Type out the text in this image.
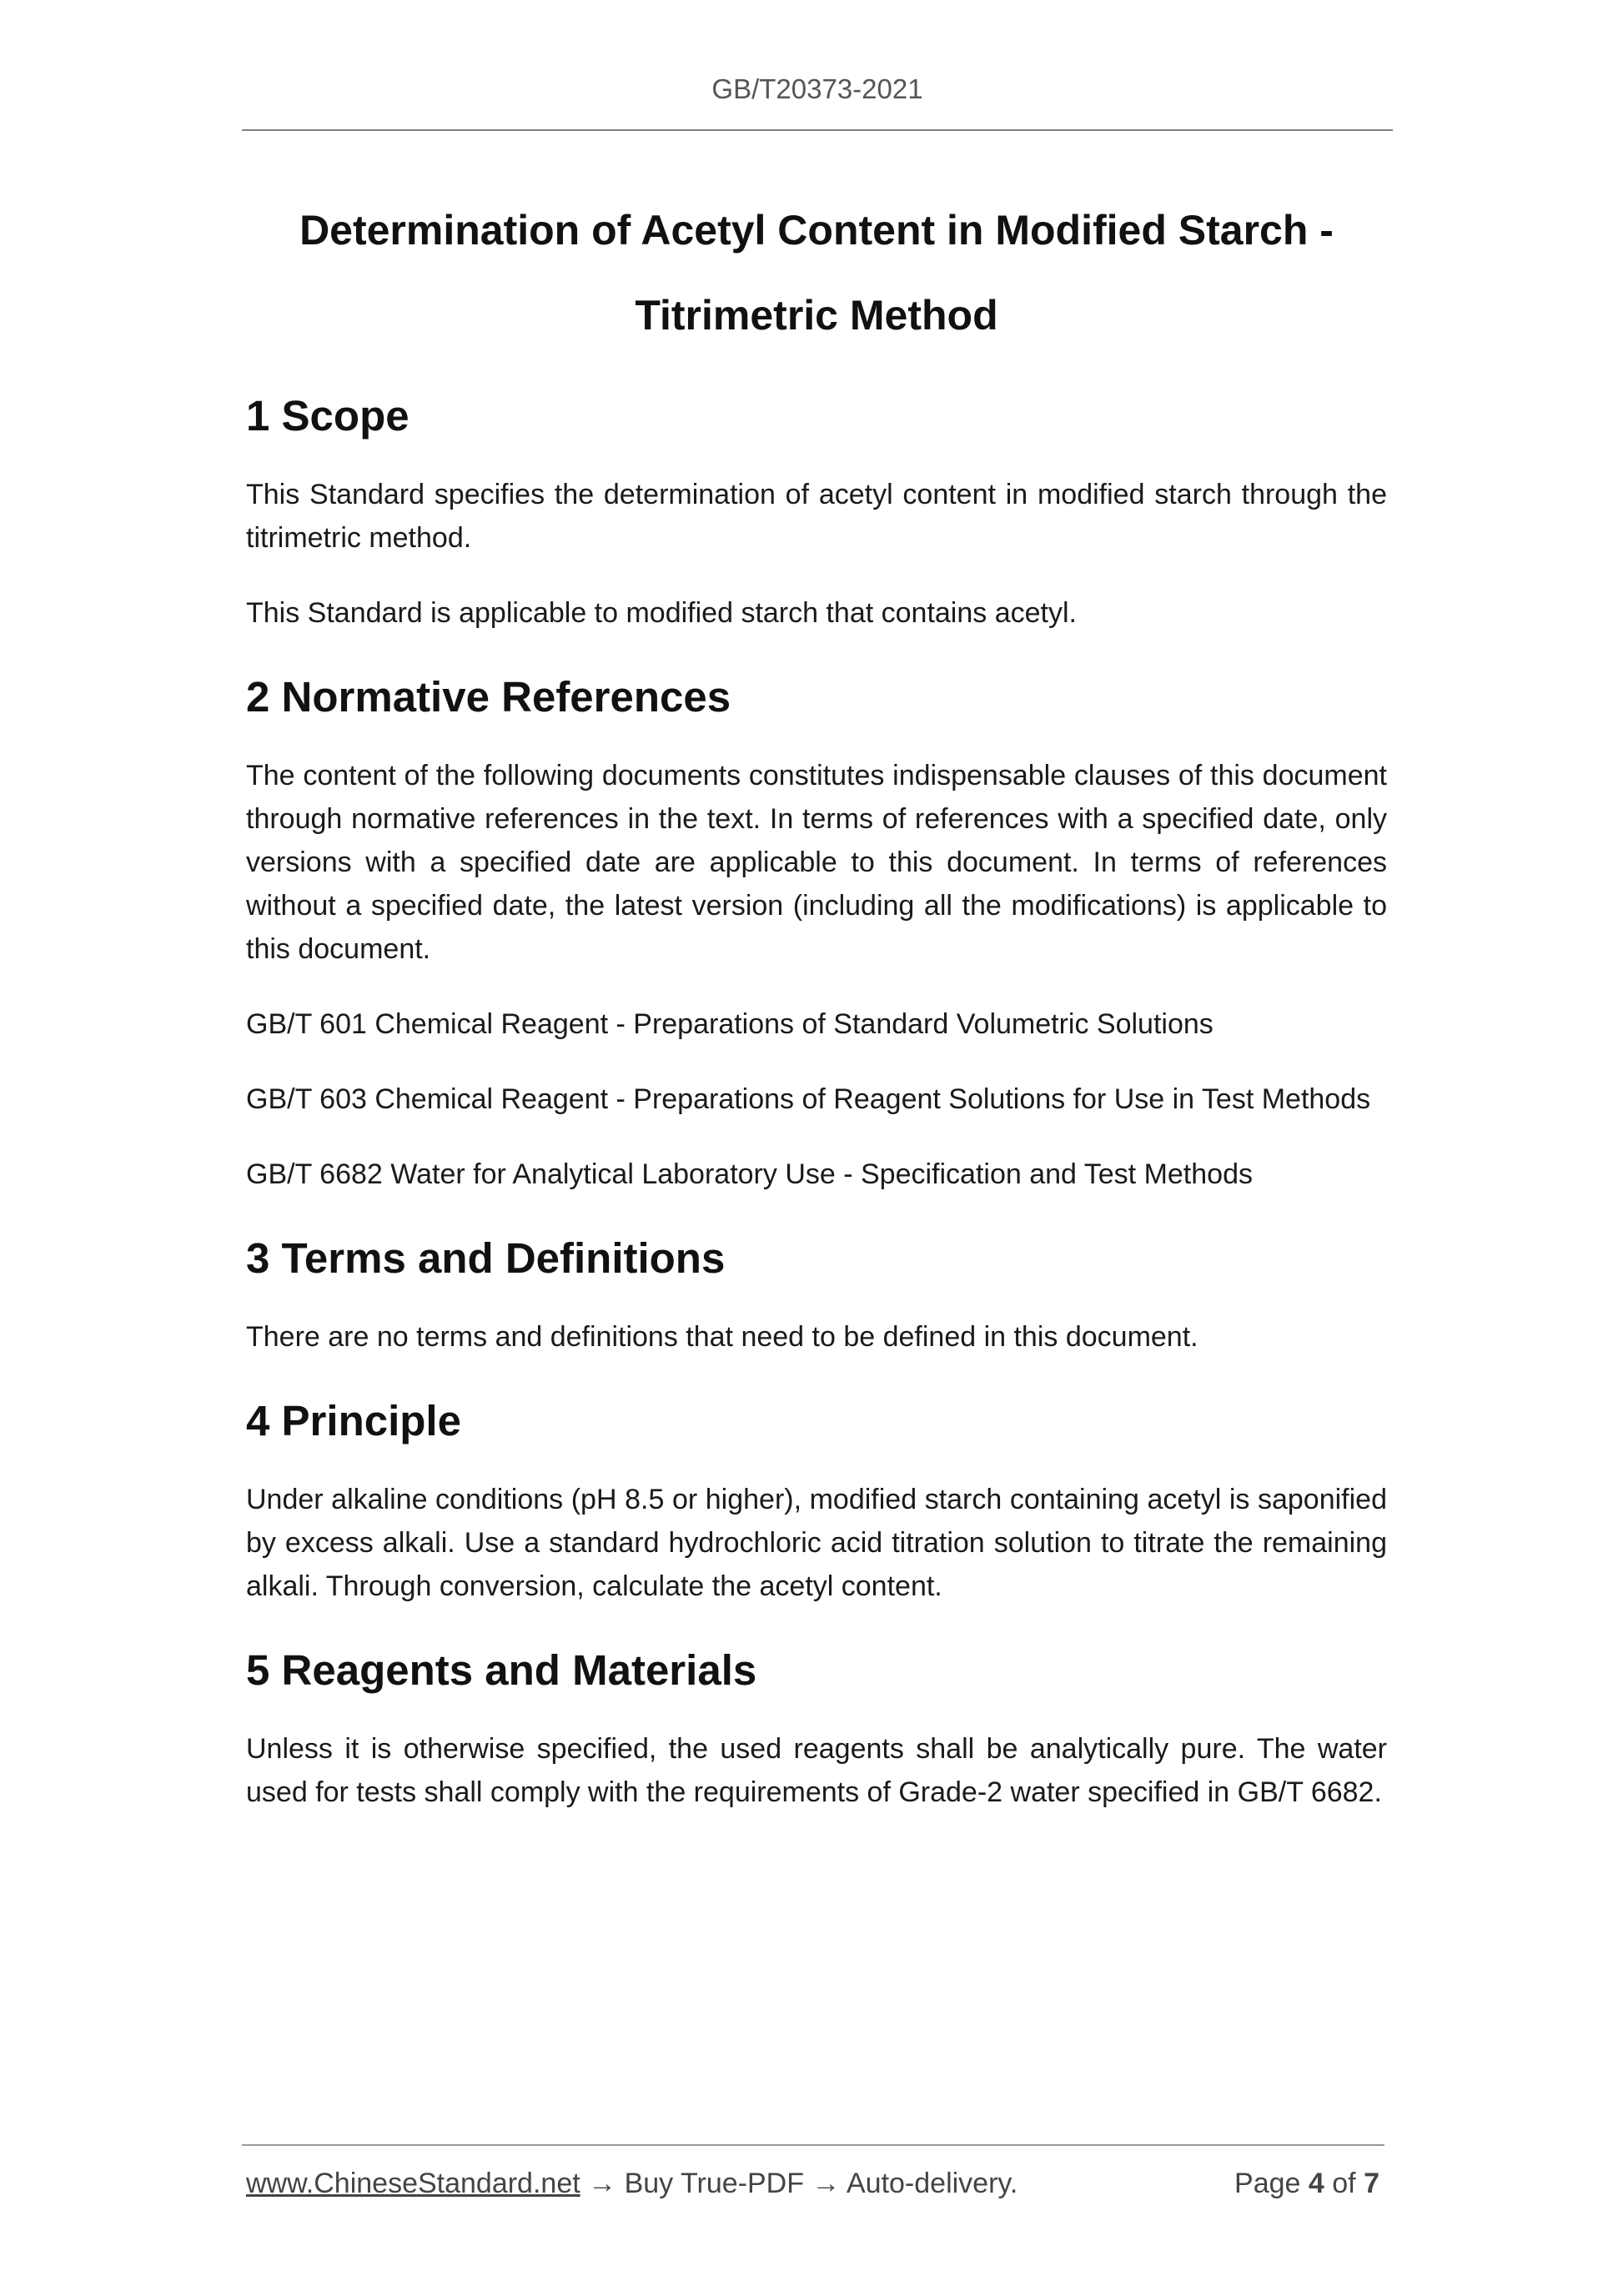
GB/T20373-2021
Determination of Acetyl Content in Modified Starch -
Titrimetric Method
1 Scope

This Standard specifies the determination of acetyl content in modified starch through the titrimetric method.

This Standard is applicable to modified starch that contains acetyl.

2 Normative References

The content of the following documents constitutes indispensable clauses of this document through normative references in the text. In terms of references with a specified date, only versions with a specified date are applicable to this document. In terms of references without a specified date, the latest version (including all the modifications) is applicable to this document.

GB/T 601 Chemical Reagent - Preparations of Standard Volumetric Solutions

GB/T 603 Chemical Reagent - Preparations of Reagent Solutions for Use in Test Methods

GB/T 6682 Water for Analytical Laboratory Use - Specification and Test Methods

3 Terms and Definitions

There are no terms and definitions that need to be defined in this document.

4 Principle

Under alkaline conditions (pH 8.5 or higher), modified starch containing acetyl is saponified by excess alkali. Use a standard hydrochloric acid titration solution to titrate the remaining alkali. Through conversion, calculate the acetyl content.

5 Reagents and Materials

Unless it is otherwise specified, the used reagents shall be analytically pure. The water used for tests shall comply with the requirements of Grade-2 water specified in GB/T 6682.

www.ChineseStandard.net → Buy True-PDF → Auto-delivery.	Page 4 of 7
